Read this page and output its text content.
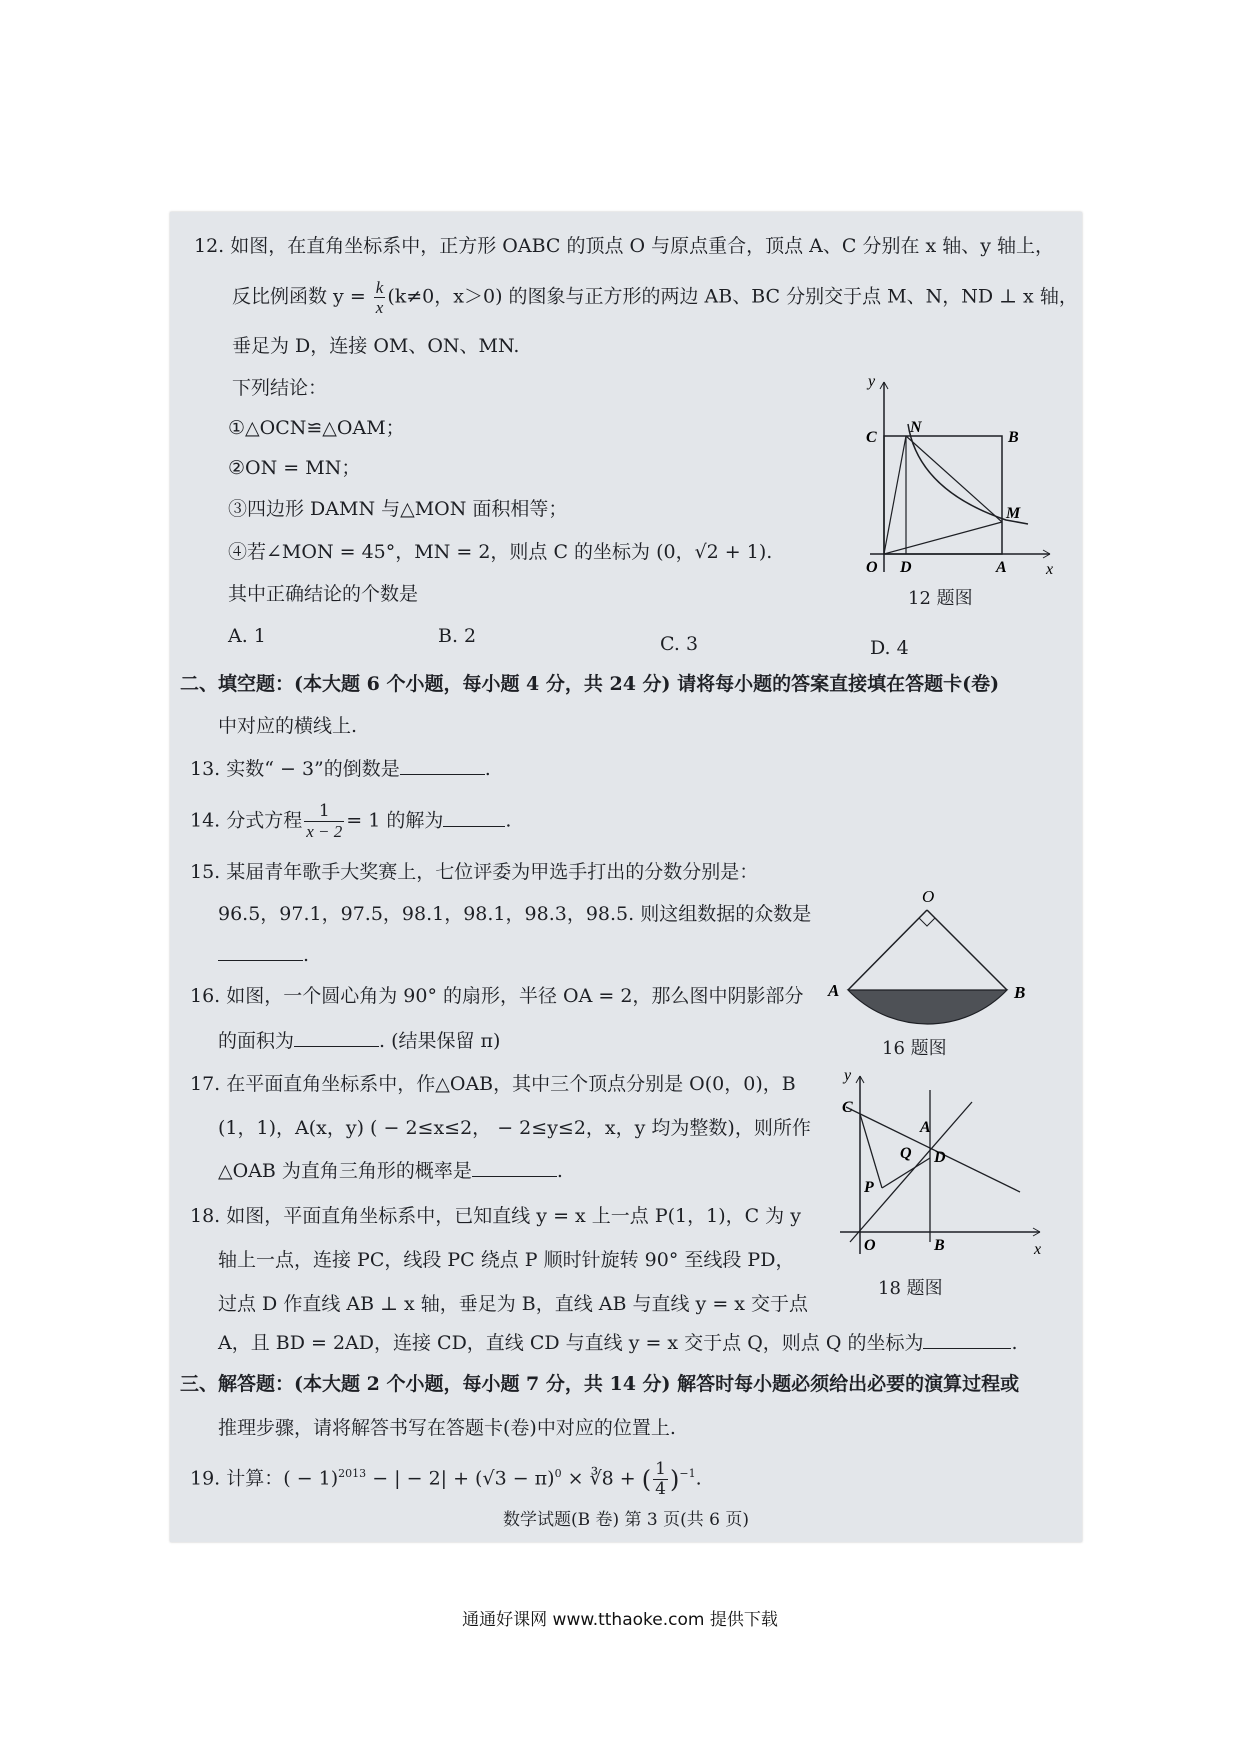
12. 如图，在直角坐标系中，正方形 OABC 的顶点 O 与原点重合，顶点 A、C 分别在 x 轴、y 轴上，
反比例函数 $y = \frac{k}{x} (k\ne 0$，x＞0) 的图象与正方形的两边 AB、BC 分别交于点 M、N，ND ⊥ x 轴，
垂足为 D，连接 OM、ON、MN.
下列结论：
①△OCN≌△OAM；
②ON = MN；
③四边形 DAMN 与△MON 面积相等；
④若∠MON = 45°，MN = 2，则点 C 的坐标为 (0，√2 + 1).
其中正确结论的个数是
A. 1	B. 2	C. 3	D. 4
y
x
O D	A
C
N
B
M
12 题图
二、填空题：(本大题 6 个小题，每小题 4 分，共 24 分) 请将每小题的答案直接填在答题卡(卷)
中对应的横线上.
13. 实数“ − 3”的倒数是	.
14. 分式方程 $\frac{1}{x - 2} = 1$ 的解为	.
15. 某届青年歌手大奖赛上，七位评委为甲选手打出的分数分别是：
96.5，97.1，97.5，98.1，98.1，98.3，98.5. 则这组数据的众数是
.
O
A	B
16. 如图，一个圆心角为 90° 的扇形，半径 OA = 2，那么图中阴影部分
的面积为	. (结果保留 π)	16 题图
17. 在平面直角坐标系中，作△OAB，其中三个顶点分别是 O(0，0)，B
(1，1)，A(x，y) ( − 2≤x≤2， − 2≤y≤2，x，y 均为整数)，则所作
△OAB 为直角三角形的概率是	.
y
x
O	B
C
P
Q
A
D
18 题图
18. 如图，平面直角坐标系中，已知直线 y = x 上一点 P(1，1)，C 为 y
轴上一点，连接 PC，线段 PC 绕点 P 顺时针旋转 90° 至线段 PD，
过点 D 作直线 AB ⊥ x 轴，垂足为 B，直线 AB 与直线 y = x 交于点
A，且 BD = 2AD，连接 CD，直线 CD 与直线 y = x 交于点 Q，则点 Q 的坐标为	.
三、解答题：(本大题 2 个小题，每小题 7 分，共 14 分) 解答时每小题必须给出必要的演算过程或
推理步骤，请将解答书写在答题卡(卷)中对应的位置上.
19. 计算：( − 1)$^{2013}$ − | − $2| + (√3 - \pi)^0$ × ∛8 + ( $\frac{1}{4} )^{-1}$.
数学试题(B 卷) 第 3 页(共 6 页)
通通好课网 www.tthaoke.com 提供下载
